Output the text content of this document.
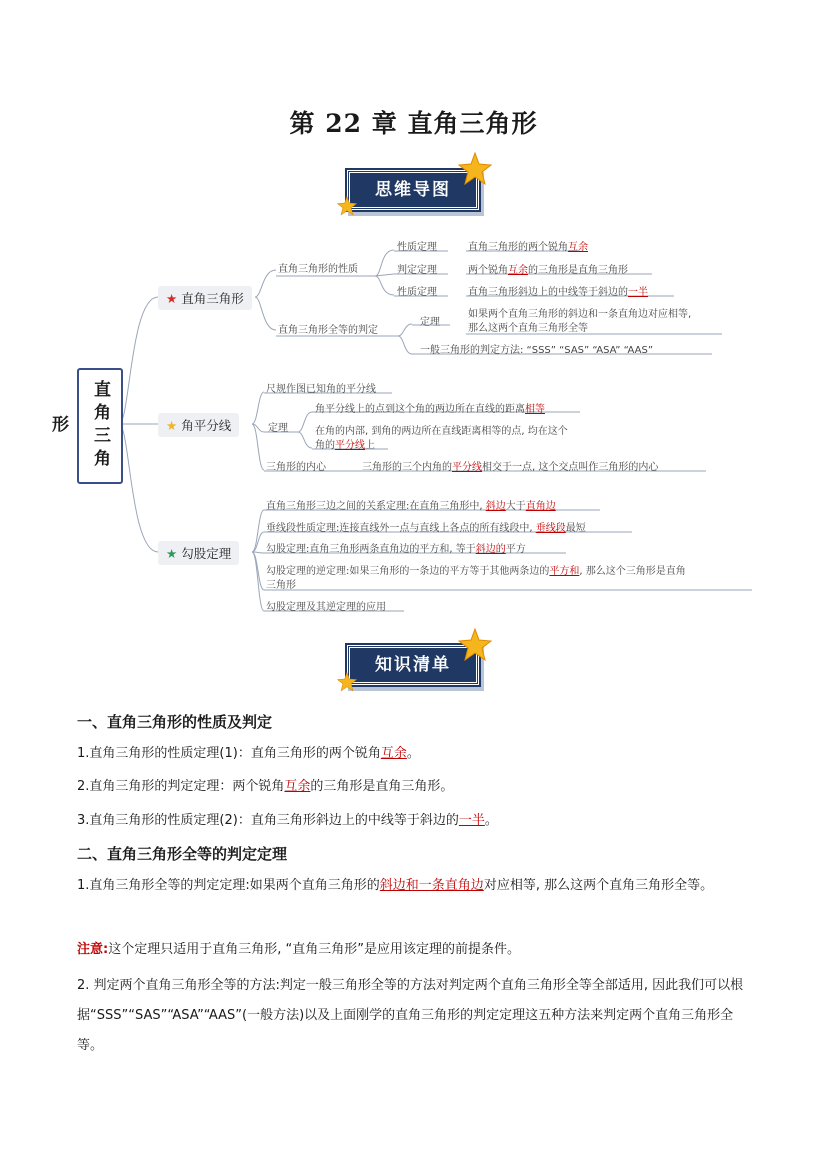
第 22 章 直角三角形
思维导图
直角三角形
★ 直角三角形
★ 角平分线
★ 勾股定理
直角三角形的性质
直角三角形全等的判定
性质定理
判定定理
性质定理
直角三角形的两个锐角互余
两个锐角互余的三角形是直角三角形
直角三角形斜边上的中线等于斜边的一半
定理
如果两个直角三角形的斜边和一条直角边对应相等,
那么这两个直角三角形全等
一般三角形的判定方法: “SSS” “SAS” “ASA” “AAS”
尺规作图已知角的平分线
定理
角平分线上的点到这个角的两边所在直线的距离相等
在角的内部, 到角的两边所在直线距离相等的点, 均在这个
角的平分线上
三角形的内心	三角形的三个内角的平分线相交于一点, 这个交点叫作三角形的内心
直角三角形三边之间的关系定理:在直角三角形中, 斜边大于直角边
垂线段性质定理:连接直线外一点与直线上各点的所有线段中, 垂线段最短
勾股定理:直角三角形两条直角边的平方和, 等于斜边的平方
勾股定理的逆定理:如果三角形的一条边的平方等于其他两条边的平方和, 那么这个三角形是直角
三角形
勾股定理及其逆定理的应用
知识清单
一、直角三角形的性质及判定
1.直角三角形的性质定理(1)：直角三角形的两个锐角互余。
2.直角三角形的判定定理：两个锐角互余的三角形是直角三角形。
3.直角三角形的性质定理(2)：直角三角形斜边上的中线等于斜边的一半。
二、直角三角形全等的判定定理
1.直角三角形全等的判定定理:如果两个直角三角形的斜边和一条直角边对应相等, 那么这两个直角三角形全等。
注意:这个定理只适用于直角三角形, “直角三角形”是应用该定理的前提条件。
2. 判定两个直角三角形全等的方法:判定一般三角形全等的方法对判定两个直角三角形全等全部适用, 因此我们可以根据“SSS”“SAS”“ASA”“AAS”(一般方法)以及上面刚学的直角三角形的判定定理这五种方法来判定两个直角三角形全等。
